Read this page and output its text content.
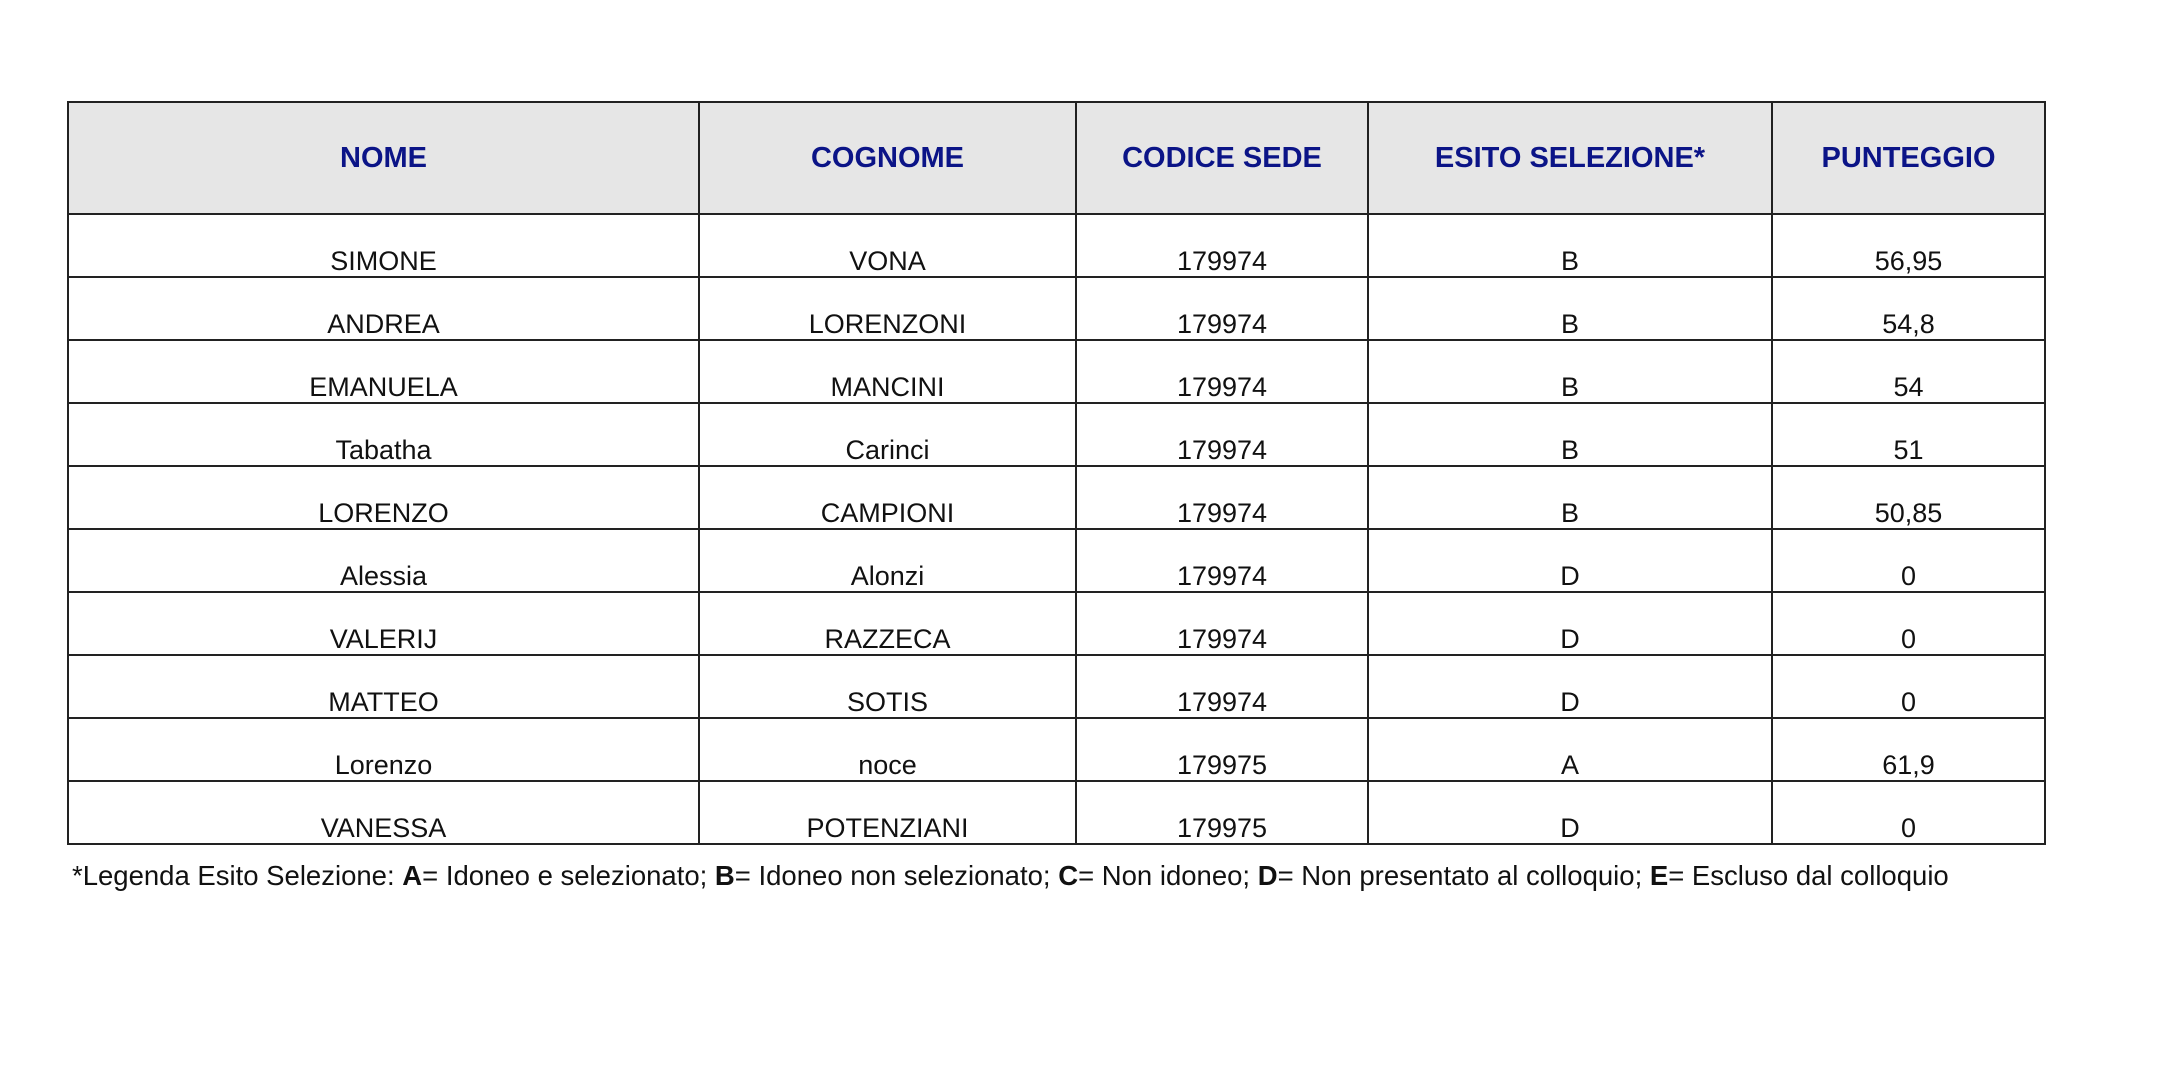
NOME	COGNOME	CODICE SEDE	ESITO SELEZIONE*	PUNTEGGIO
SIMONE	VONA	179974	B	56,95
ANDREA	LORENZONI	179974	B	54,8
EMANUELA	MANCINI	179974	B	54
Tabatha	Carinci	179974	B	51
LORENZO	CAMPIONI	179974	B	50,85
Alessia	Alonzi	179974	D	0
VALERIJ	RAZZECA	179974	D	0
MATTEO	SOTIS	179974	D	0
Lorenzo	noce	179975	A	61,9
VANESSA	POTENZIANI	179975	D	0
*Legenda Esito Selezione: A= Idoneo e selezionato; B= Idoneo non selezionato; C= Non idoneo; D= Non presentato al colloquio; E= Escluso dal colloquio
